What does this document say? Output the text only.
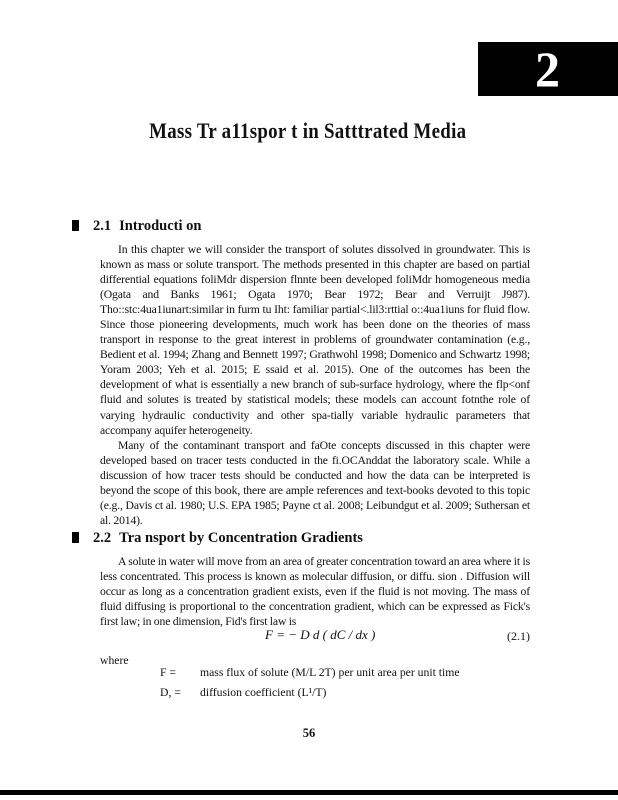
2
Mass Tr a11spor t in Satttrated Media
2.1 Introducti on

In this chapter we will consider the transport of solutes dissolved in groundwater. This is known as mass or solute transport. The methods presented in this chapter are based on partial differential equations foliMdr dispersion flnnte been developed foliMdr homogeneous media (Ogata and Banks 1961; Ogata 1970; Bear 1972; Bear and Verruijt J987). Tho::stc:4ua1iunart:similar in furm tu Iht: familiar partial<.lil3:rttial o::4ua1iuns for fluid flow. Since those pioneering developments, much work has been done on the theories of mass transport in response to the great interest in problems of groundwater contamination (e.g., Bedient et al. 1994; Zhang and Bennett 1997; Grathwohl 1998; Domenico and Schwartz 1998; Yoram 2003; Yeh et al. 2015; E ssaid et al. 2015). One of the outcomes has been the development of what is essentially a new branch of sub-surface hydrology, where the flp<onf fluid and solutes is treated by statistical models; these models can account fotnthe role of varying hydraulic conductivity and other spa-tially variable hydraulic parameters that accompany aquifer heterogeneity.

Many of the contaminant transport and faOte concepts discussed in this chapter were developed based on tracer tests conducted in the fi.OCAnddat the laboratory scale. While a discussion of how tracer tests should be conducted and how the data can be interpreted is beyond the scope of this book, there are ample references and text-books devoted to this topic (e.g., Davis ct al. 1980; U.S. EPA 1985; Payne ct al. 2008; Leibundgut et al. 2009; Suthersan et al. 2014).

2.2 Tra nsport by Concentration Gradients

A solute in water will move from an area of greater concentration toward an area where it is less concentrated. This process is known as molecular diffusion, or diffu. sion . Diffusion will occur as long as a concentration gradient exists, even if the fluid is not moving. The mass of fluid diffusing is proportional to the concentration gradient, which can be expressed as Fick's first law; in one dimension, Fid's first law is

F = − D d ( dC / dx )	(2.1)
where
F = mass flux of solute (M/L 2T) per unit area per unit time
D, = diffusion coefficient (L¹/T)
56
